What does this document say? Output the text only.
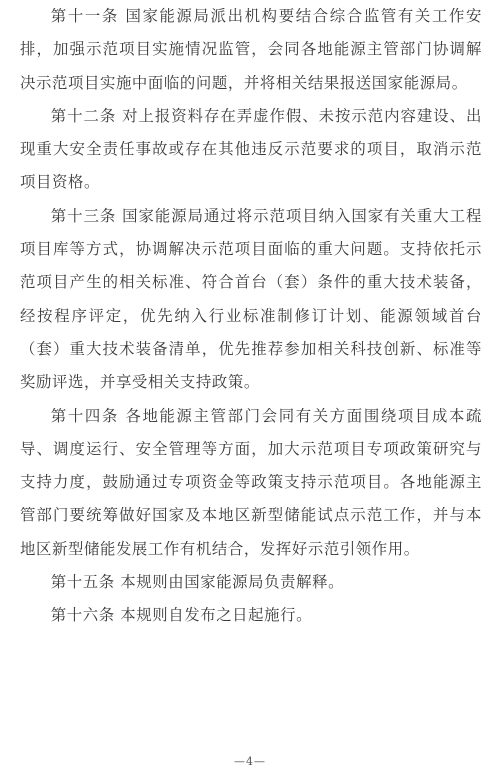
第十一条 国家能源局派出机构要结合综合监管有关工作安排，加强示范项目实施情况监管，会同各地能源主管部门协调解决示范项目实施中面临的问题，并将相关结果报送国家能源局。

第十二条 对上报资料存在弄虚作假、未按示范内容建设、出现重大安全责任事故或存在其他违反示范要求的项目，取消示范项目资格。

第十三条 国家能源局通过将示范项目纳入国家有关重大工程项目库等方式，协调解决示范项目面临的重大问题。支持依托示范项目产生的相关标准、符合首台（套）条件的重大技术装备，经按程序评定，优先纳入行业标准制修订计划、能源领域首台（套）重大技术装备清单，优先推荐参加相关科技创新、标准等奖励评选，并享受相关支持政策。

第十四条 各地能源主管部门会同有关方面围绕项目成本疏导、调度运行、安全管理等方面，加大示范项目专项政策研究与支持力度，鼓励通过专项资金等政策支持示范项目。各地能源主管部门要统筹做好国家及本地区新型储能试点示范工作，并与本地区新型储能发展工作有机结合，发挥好示范引领作用。

第十五条 本规则由国家能源局负责解释。

第十六条 本规则自发布之日起施行。

—4—
